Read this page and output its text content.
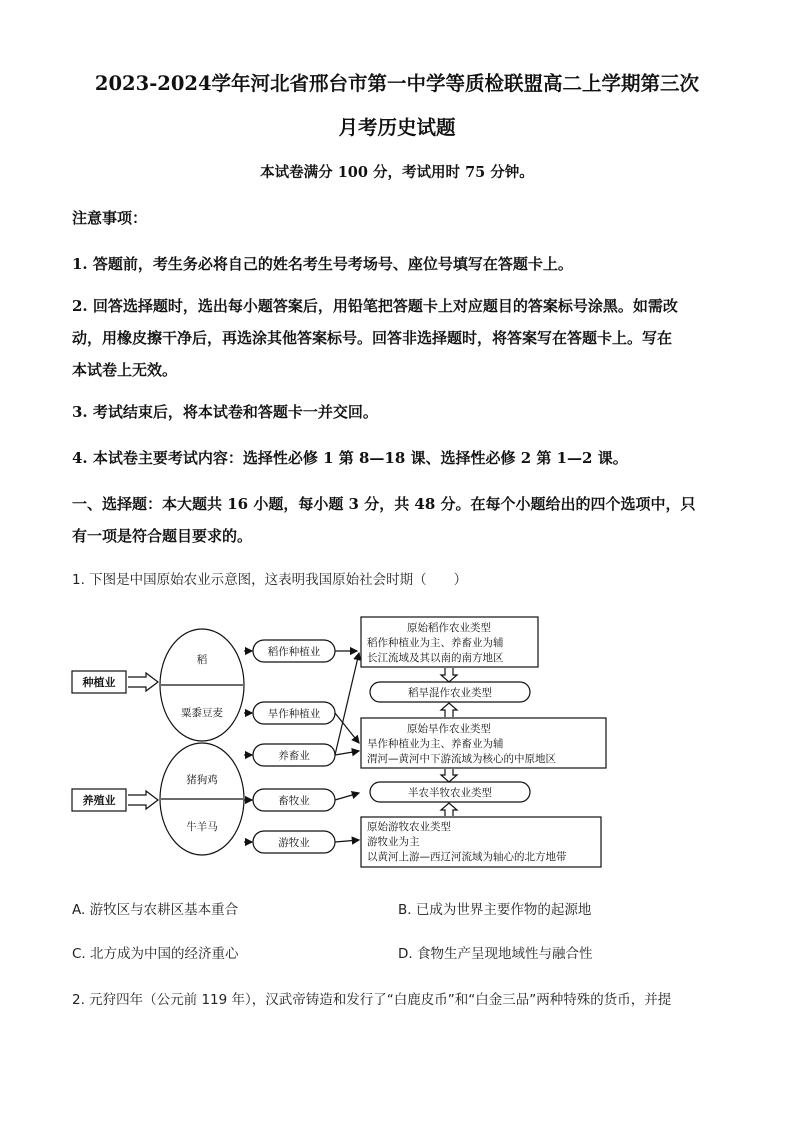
2023-2024学年河北省邢台市第一中学等质检联盟高二上学期第三次
月考历史试题
本试卷满分 100 分，考试用时 75 分钟。
注意事项：
1. 答题前，考生务必将自己的姓名考生号考场号、座位号填写在答题卡上。
2. 回答选择题时，选出每小题答案后，用铅笔把答题卡上对应题目的答案标号涂黑。如需改
动，用橡皮擦干净后，再选涂其他答案标号。回答非选择题时，将答案写在答题卡上。写在
本试卷上无效。
3. 考试结束后，将本试卷和答题卡一并交回。
4. 本试卷主要考试内容：选择性必修 1 第 8—18 课、选择性必修 2 第 1—2 课。
一、选择题：本大题共 16 小题，每小题 3 分，共 48 分。在每个小题给出的四个选项中，只
有一项是符合题目要求的。
1. 下图是中国原始农业示意图，这表明我国原始社会时期（　　）
种植业
养殖业
稻
粟黍豆麦
猪狗鸡
牛羊马
稻作种植业
旱作种植业
养畜业
畜牧业
游牧业
原始稻作农业类型
稻作种植业为主、养畜业为辅
长江流域及其以南的南方地区
稻旱混作农业类型
原始旱作农业类型
旱作种植业为主、养畜业为辅
渭河—黄河中下游流域为核心的中原地区
半农半牧农业类型
原始游牧农业类型
游牧业为主
以黄河上游—西辽河流域为轴心的北方地带
A. 游牧区与农耕区基本重合	B. 已成为世界主要作物的起源地
C. 北方成为中国的经济重心	D. 食物生产呈现地域性与融合性
2. 元狩四年（公元前 119 年），汉武帝铸造和发行了“白鹿皮币”和“白金三品”两种特殊的货币，并提
